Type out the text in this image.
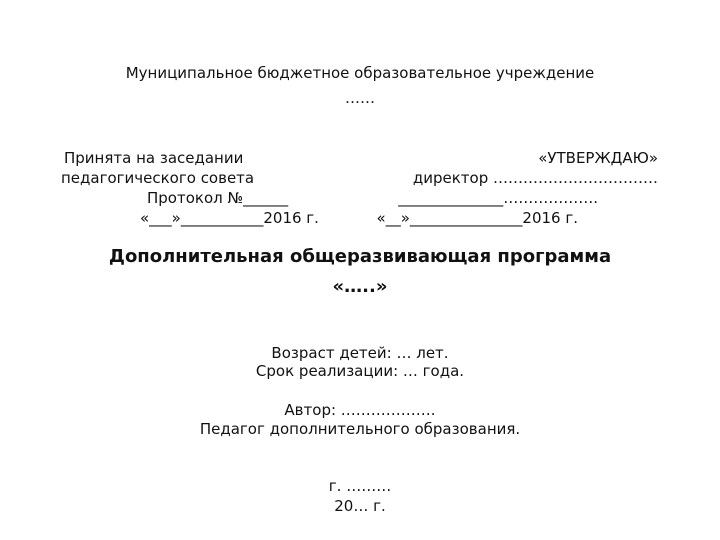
Муниципальное бюджетное образовательное учреждение
……
Принята на заседании
педагогического совета
Протокол №______
«___»___________2016 г.
«УТВЕРЖДАЮ»
директор ……………………………
______________……………….
«__»_______________2016 г.
Дополнительная общеразвивающая программа
«…..»
Возраст детей: … лет.
Срок реализации: … года.
Автор: ……………….
Педагог дополнительного образования.
г. ………
20… г.
